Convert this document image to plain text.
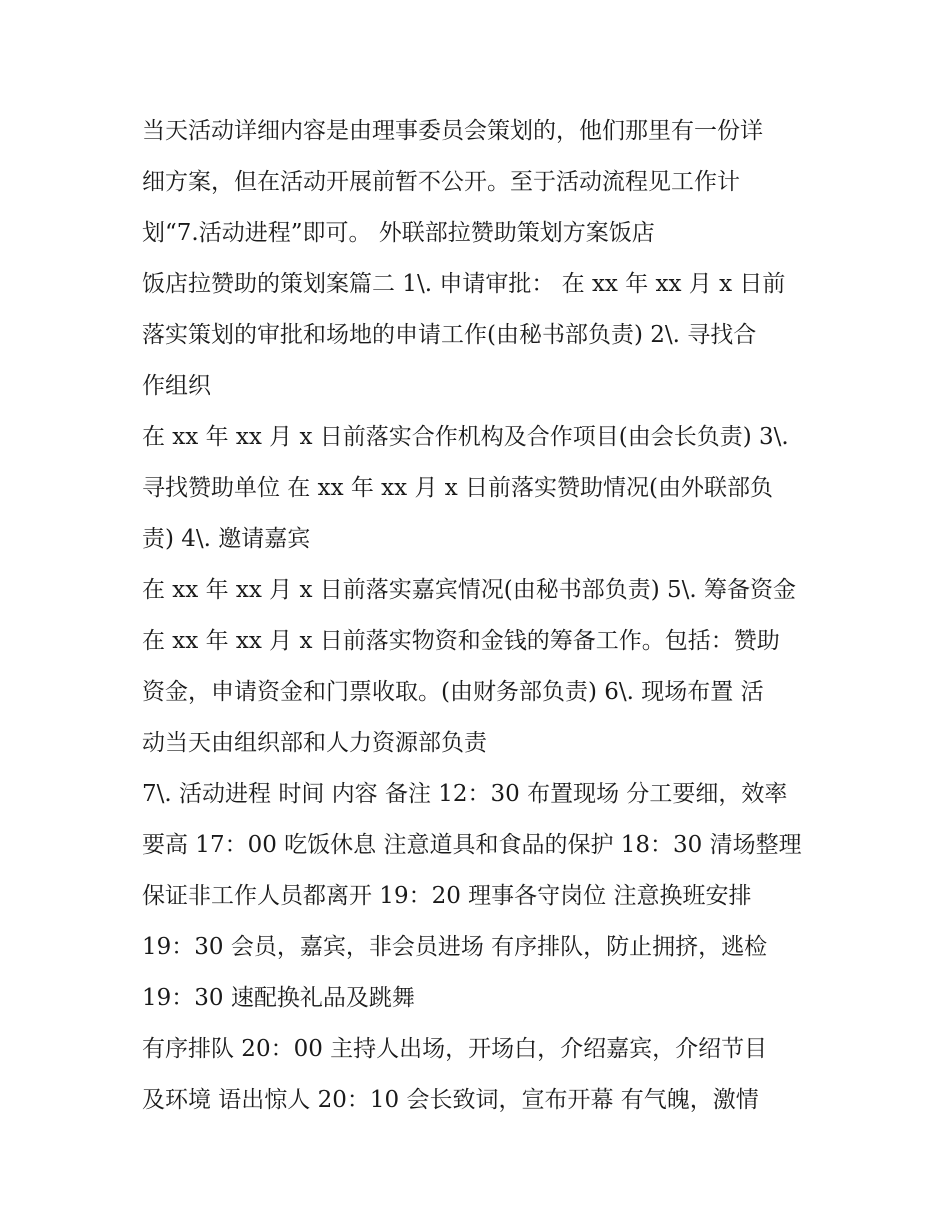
当天活动详细内容是由理事委员会策划的，他们那里有一份详
细方案，但在活动开展前暂不公开。至于活动流程见工作计
划“7.活动进程”即可。 外联部拉赞助策划方案饭店
饭店拉赞助的策划案篇二 1\. 申请审批： 在 xx 年 xx 月 x 日前
落实策划的审批和场地的申请工作(由秘书部负责) 2\. 寻找合
作组织
在 xx 年 xx 月 x 日前落实合作机构及合作项目(由会长负责) 3\.
寻找赞助单位 在 xx 年 xx 月 x 日前落实赞助情况(由外联部负
责) 4\. 邀请嘉宾
在 xx 年 xx 月 x 日前落实嘉宾情况(由秘书部负责) 5\. 筹备资金
在 xx 年 xx 月 x 日前落实物资和金钱的筹备工作。包括：赞助
资金，申请资金和门票收取。(由财务部负责) 6\. 现场布置 活
动当天由组织部和人力资源部负责
7\. 活动进程 时间 内容 备注 12：30 布置现场 分工要细，效率
要高 17：00 吃饭休息 注意道具和食品的保护 18：30 清场整理
保证非工作人员都离开 19：20 理事各守岗位 注意换班安排
19：30 会员，嘉宾，非会员进场 有序排队，防止拥挤，逃检
19：30 速配换礼品及跳舞
有序排队 20：00 主持人出场，开场白，介绍嘉宾，介绍节目
及环境 语出惊人 20：10 会长致词，宣布开幕 有气魄，激情
